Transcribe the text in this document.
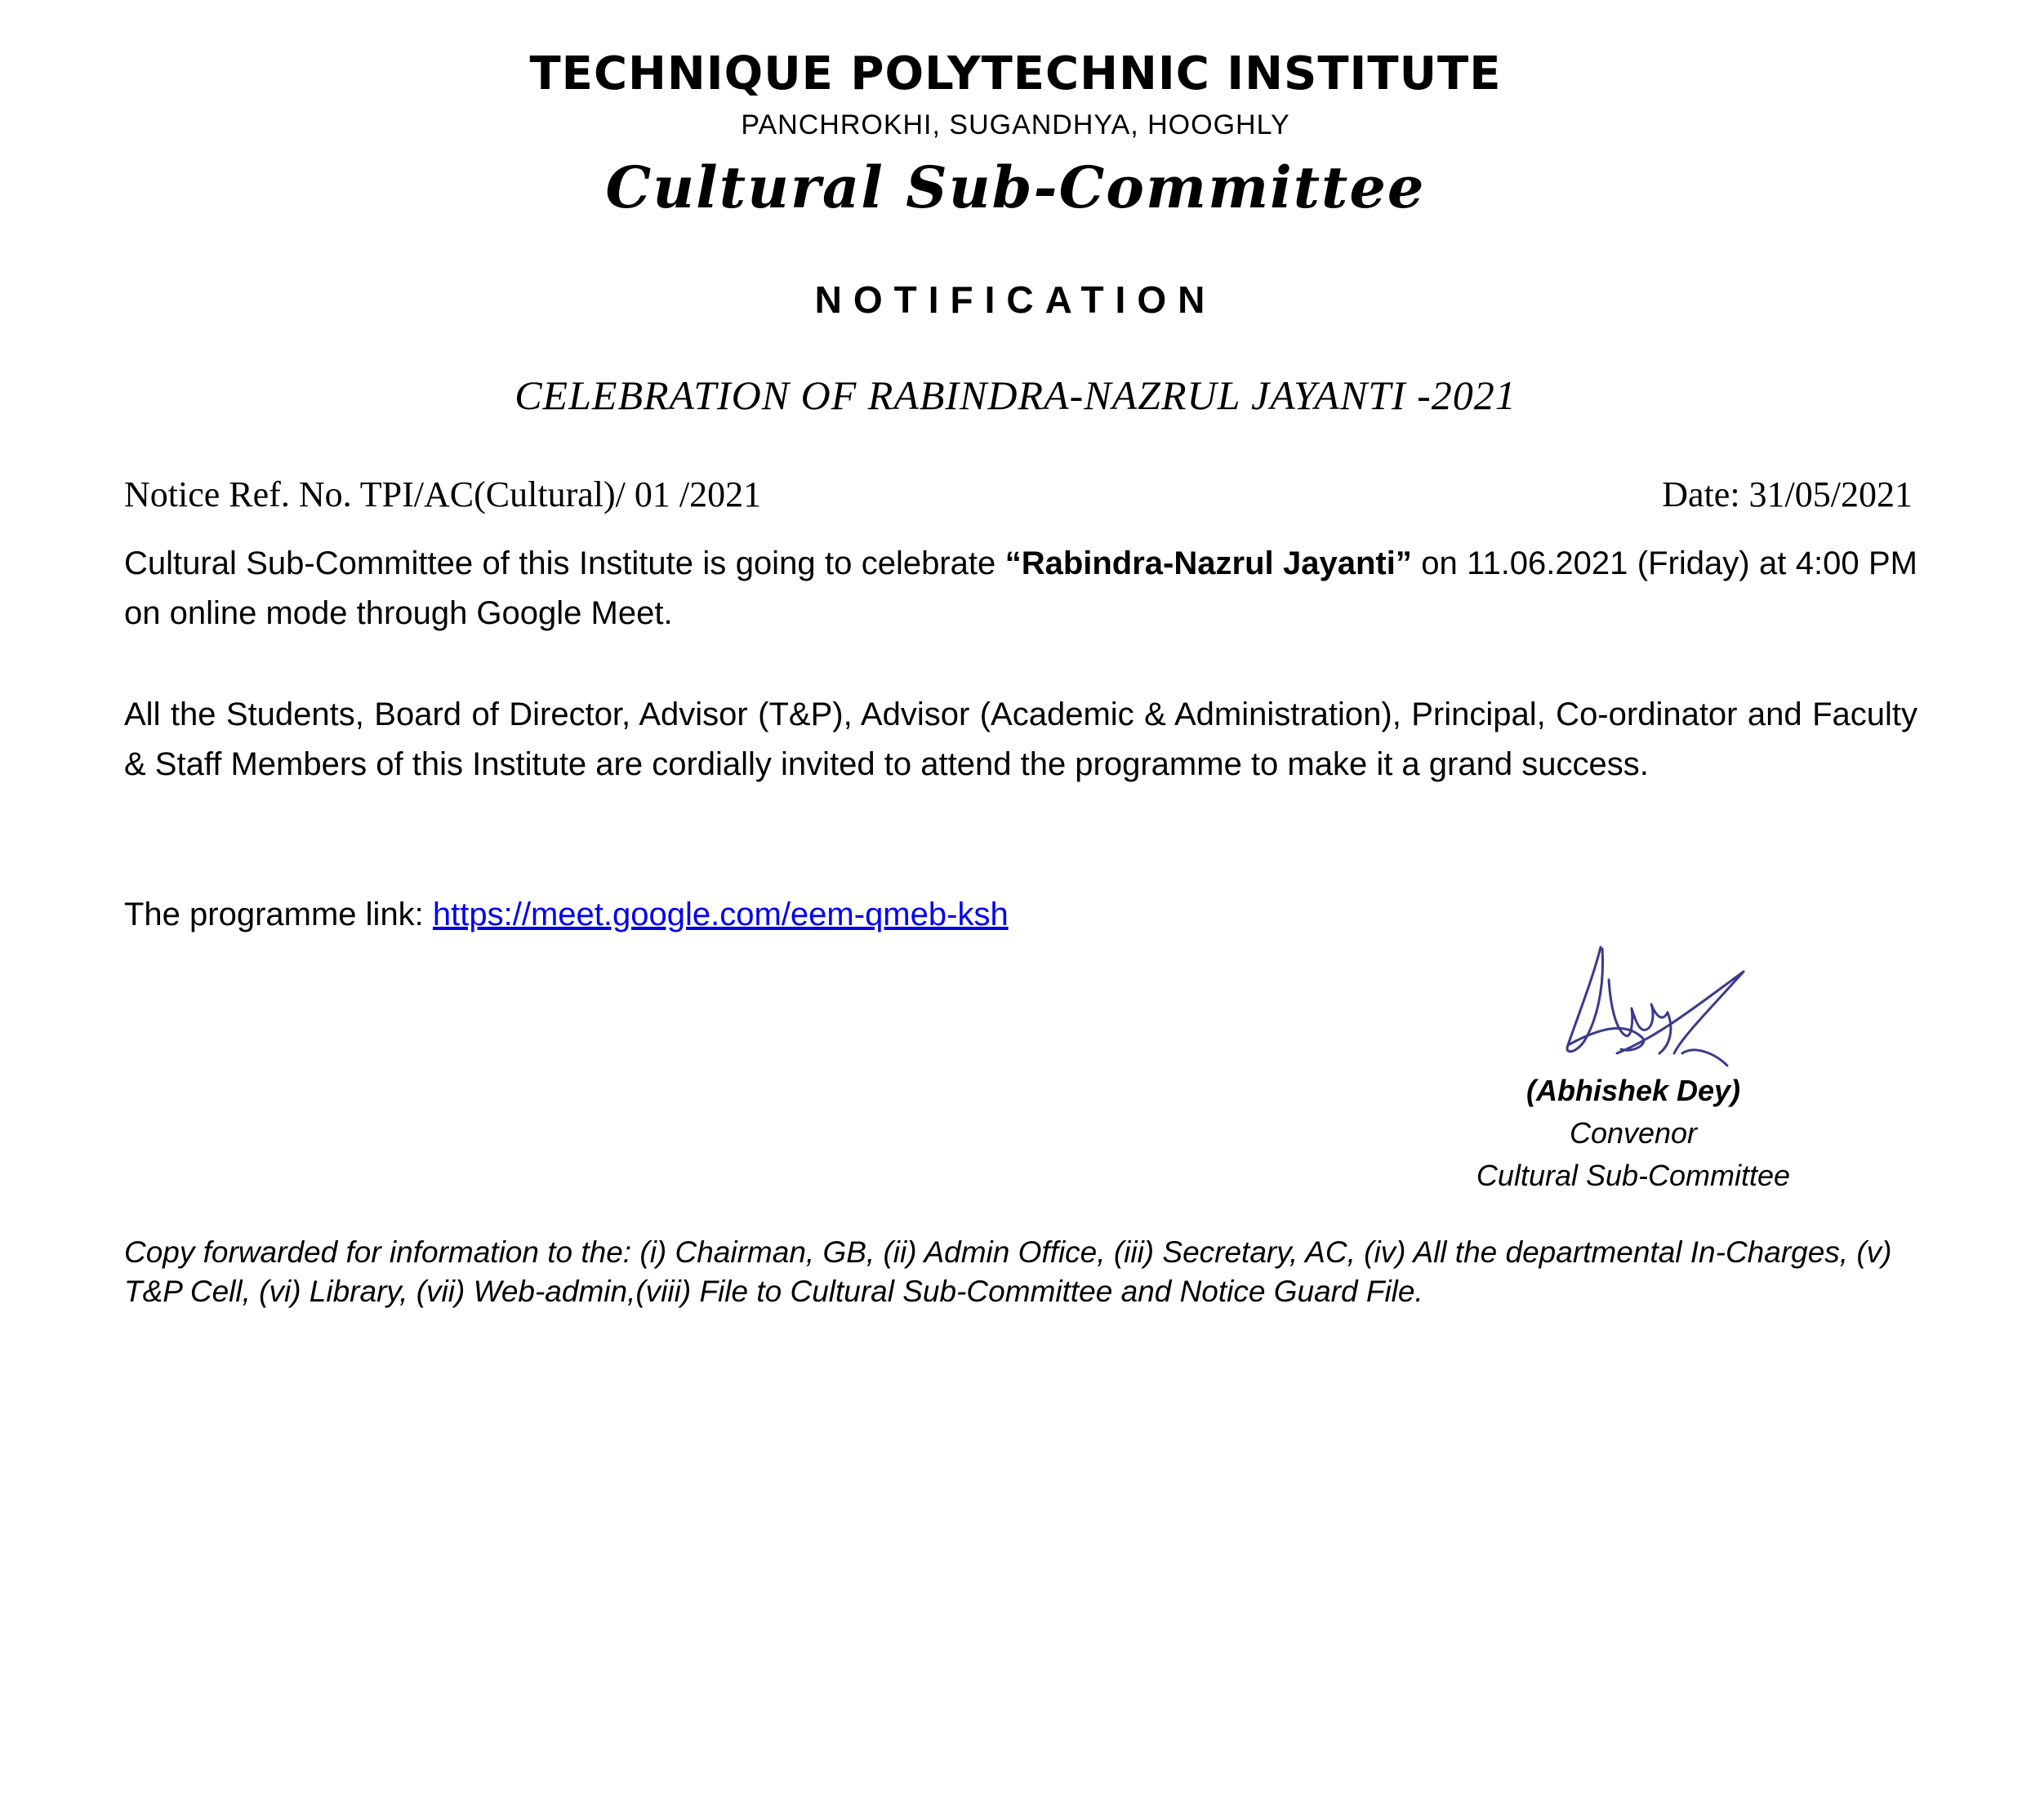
TECHNIQUE POLYTECHNIC INSTITUTE
PANCHROKHI, SUGANDHYA, HOOGHLY
Cultural Sub-Committee
NOTIFICATION
CELEBRATION OF RABINDRA-NAZRUL JAYANTI -2021
Notice Ref. No. TPI/AC(Cultural)/ 01 /2021	Date: 31/05/2021
Cultural Sub-Committee of this Institute is going to celebrate “Rabindra-Nazrul Jayanti” on 11.06.2021 (Friday) at 4:00 PM on online mode through Google Meet.
All the Students, Board of Director, Advisor (T&P), Advisor (Academic & Administration), Principal, Co-ordinator and Faculty & Staff Members of this Institute are cordially invited to attend the programme to make it a grand success.
The programme link: https://meet.google.com/eem-qmeb-ksh
(Abhishek Dey)
Convenor
Cultural Sub-Committee
Copy forwarded for information to the: (i) Chairman, GB, (ii) Admin Office, (iii) Secretary, AC, (iv) All the departmental In-Charges, (v) T&P Cell, (vi) Library, (vii) Web-admin,(viii) File to Cultural Sub-Committee and Notice Guard File.
